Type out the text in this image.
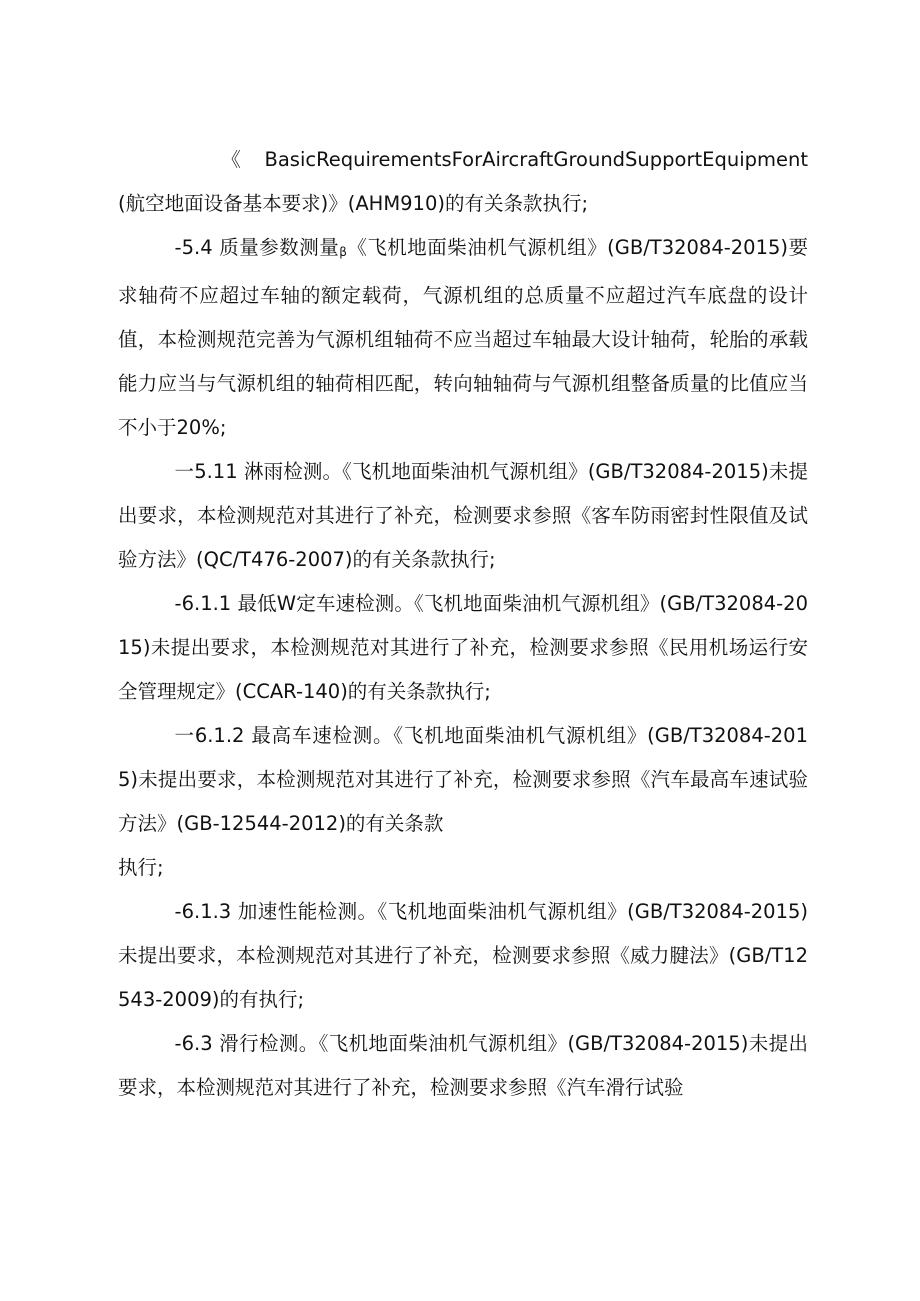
《BasicRequirementsForAircraftGroundSupportEquipment(航空地面设备基本要求)》(AHM910)的有关条款执行;

-5.4 质量参数测量β《飞机地面柴油机气源机组》(GB/T32084-2015)要求轴荷不应超过车轴的额定载荷，气源机组的总质量不应超过汽车底盘的设计值，本检测规范完善为气源机组轴荷不应当超过车轴最大设计轴荷，轮胎的承载能力应当与气源机组的轴荷相匹配，转向轴轴荷与气源机组整备质量的比值应当不小于20%;

一5.11 淋雨检测。《飞机地面柴油机气源机组》(GB/T32084-2015)未提出要求，本检测规范对其进行了补充，检测要求参照《客车防雨密封性限值及试验方法》(QC/T476-2007)的有关条款执行;

-6.1.1 最低W定车速检测。《飞机地面柴油机气源机组》(GB/T32084-2015)未提出要求，本检测规范对其进行了补充，检测要求参照《民用机场运行安全管理规定》(CCAR-140)的有关条款执行;

一6.1.2 最高车速检测。《飞机地面柴油机气源机组》(GB/T32084-2015)未提出要求，本检测规范对其进行了补充，检测要求参照《汽车最高车速试验方法》(GB-12544-2012)的有关条款

执行;

-6.1.3 加速性能检测。《飞机地面柴油机气源机组》(GB/T32084-2015)未提出要求，本检测规范对其进行了补充，检测要求参照《威力腱法》(GB/T12543-2009)的有执行;

-6.3 滑行检测。《飞机地面柴油机气源机组》(GB/T32084-2015)未提出要求，本检测规范对其进行了补充，检测要求参照《汽车滑行试验
